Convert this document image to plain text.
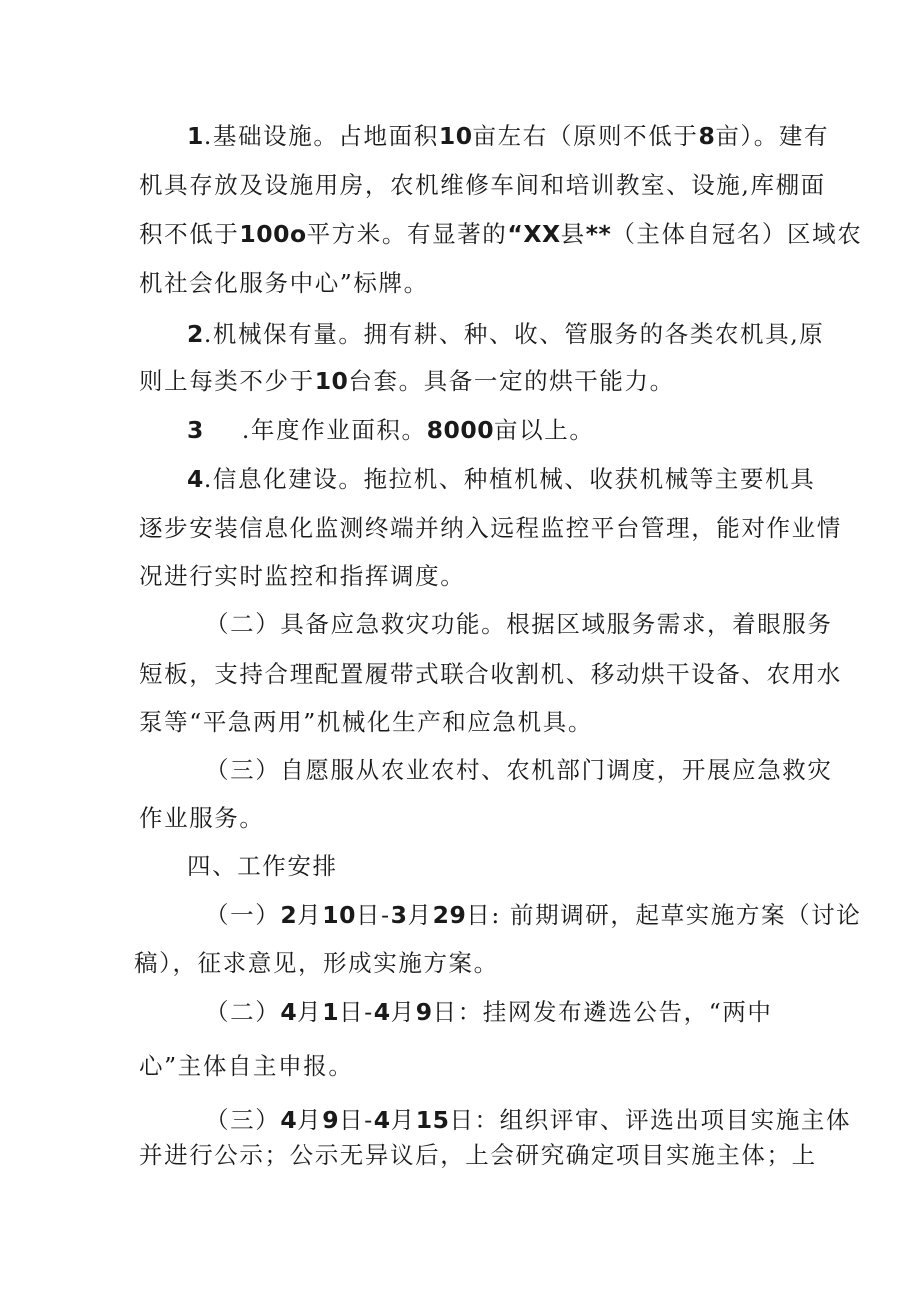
1.基础设施。占地面积10亩左右（原则不低于8亩）。建有
机具存放及设施用房，农机维修车间和培训教室、设施,库棚面
积不低于100o平方米。有显著的“XX县**（主体自冠名）区域农
机社会化服务中心”标牌。
2.机械保有量。拥有耕、种、收、管服务的各类农机具,原
则上每类不少于10台套。具备一定的烘干能力。
3 .年度作业面积。8000亩以上。
4.信息化建设。拖拉机、种植机械、收获机械等主要机具
逐步安装信息化监测终端并纳入远程监控平台管理，能对作业情
况进行实时监控和指挥调度。
（二）具备应急救灾功能。根据区域服务需求，着眼服务
短板，支持合理配置履带式联合收割机、移动烘干设备、农用水
泵等“平急两用”机械化生产和应急机具。
（三）自愿服从农业农村、农机部门调度，开展应急救灾
作业服务。
四、工作安排
（一）2月10日-3月29日: 前期调研，起草实施方案（讨论
稿），征求意见，形成实施方案。
（二）4月1日-4月9日：挂网发布遴选公告，“两中
心”主体自主申报。
（三）4月9日-4月15日：组织评审、评选出项目实施主体
并进行公示；公示无异议后，上会研究确定项目实施主体；上
